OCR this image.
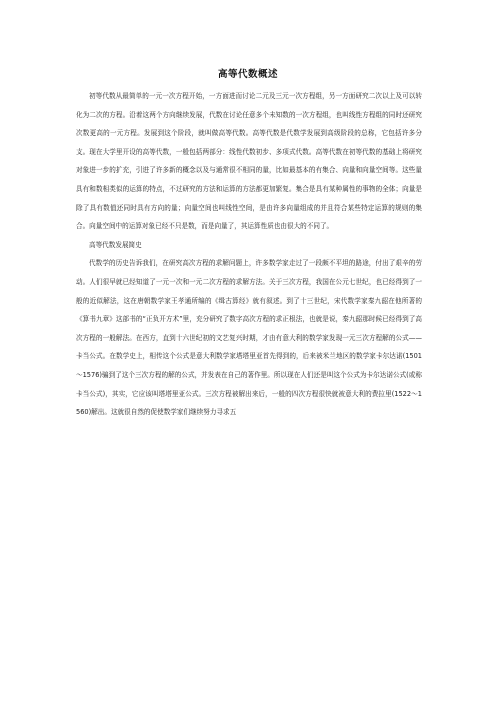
高等代数概述

初等代数从最简单的一元一次方程开始，一方面进而讨论二元及三元一次方程组，另一方面研究二次以上及可以转化为二次的方程。沿着这两个方向继续发展，代数在讨论任意多个未知数的一次方程组，也叫线性方程组的同时还研究次数更高的一元方程。发展到这个阶段，就叫做高等代数。高等代数是代数学发展到高级阶段的总称，它包括许多分支。现在大学里开设的高等代数，一般包括两部分：线性代数初步、多项式代数。高等代数在初等代数的基础上将研究对象进一步的扩充，引进了许多新的概念以及与通常很不相同的量，比如最基本的有集合、向量和向量空间等。这些量具有和数相类似的运算的特点，不过研究的方法和运算的方法都更加繁复。集合是具有某种属性的事物的全体；向量是除了具有数值还同时具有方向的量；向量空间也叫线性空间，是由许多向量组成的并且符合某些特定运算的规则的集合。向量空间中的运算对象已经不只是数，而是向量了，其运算性质也由很大的不同了。

高等代数发展简史

代数学的历史告诉我们，在研究高次方程的求解问题上，许多数学家走过了一段颇不平坦的路途，付出了艰辛的劳动。人们很早就已经知道了一元一次和一元二次方程的求解方法。关于三次方程，我国在公元七世纪，也已经得到了一般的近似解法，这在唐朝数学家王孝通所编的《缉古算经》就有叙述。到了十三世纪，宋代数学家秦九韶在他所著的《算书九章》这部书的“正负开方术”里，充分研究了数字高次方程的求正根法，也就是说，秦九韶那时候已经得到了高次方程的一般解法。在西方，直到十六世纪初的文艺复兴时期，才由有意大利的数学家发现一元三次方程解的公式——卡当公式。在数学史上，相传这个公式是意大利数学家塔塔里亚首先得到的，后来被米兰地区的数学家卡尔达诺(1501～1576)骗到了这个三次方程的解的公式，并发表在自己的著作里。所以现在人们还是叫这个公式为卡尔达诺公式(或称卡当公式)，其实，它应该叫塔塔里亚公式。三次方程被解出来后，一般的四次方程很快就被意大利的费拉里(1522～1560)解出。这就很自然的促使数学家们继续努力寻求五
